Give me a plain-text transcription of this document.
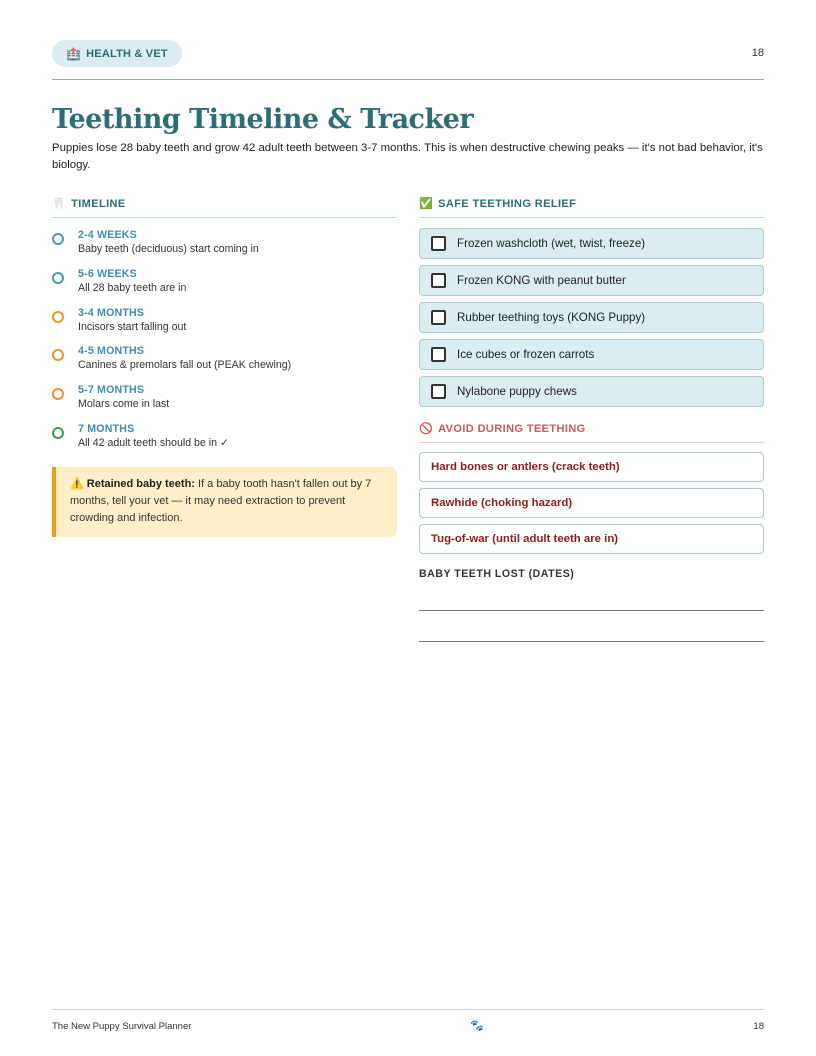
🏥 HEALTH & VET	18
Teething Timeline & Tracker

Puppies lose 28 baby teeth and grow 42 adult teeth between 3-7 months. This is when destructive chewing peaks — it's not bad behavior, it's biology.

🦷 TIMELINE
2-4 WEEKS
Baby teeth (deciduous) start coming in
5-6 WEEKS
All 28 baby teeth are in
3-4 MONTHS
Incisors start falling out
4-5 MONTHS
Canines & premolars fall out (PEAK chewing)
5-7 MONTHS
Molars come in last
7 MONTHS
All 42 adult teeth should be in ✓
⚠️ Retained baby teeth: If a baby tooth hasn't fallen out by 7 months, tell your vet — it may need extraction to prevent crowding and infection.
✅ SAFE TEETHING RELIEF
Frozen washcloth (wet, twist, freeze)
Frozen KONG with peanut butter
Rubber teething toys (KONG Puppy)
Ice cubes or frozen carrots
Nylabone puppy chews
🚫 AVOID DURING TEETHING
Hard bones or antlers (crack teeth)
Rawhide (choking hazard)
Tug-of-war (until adult teeth are in)
BABY TEETH LOST (DATES)
The New Puppy Survival Planner	🐾	18
